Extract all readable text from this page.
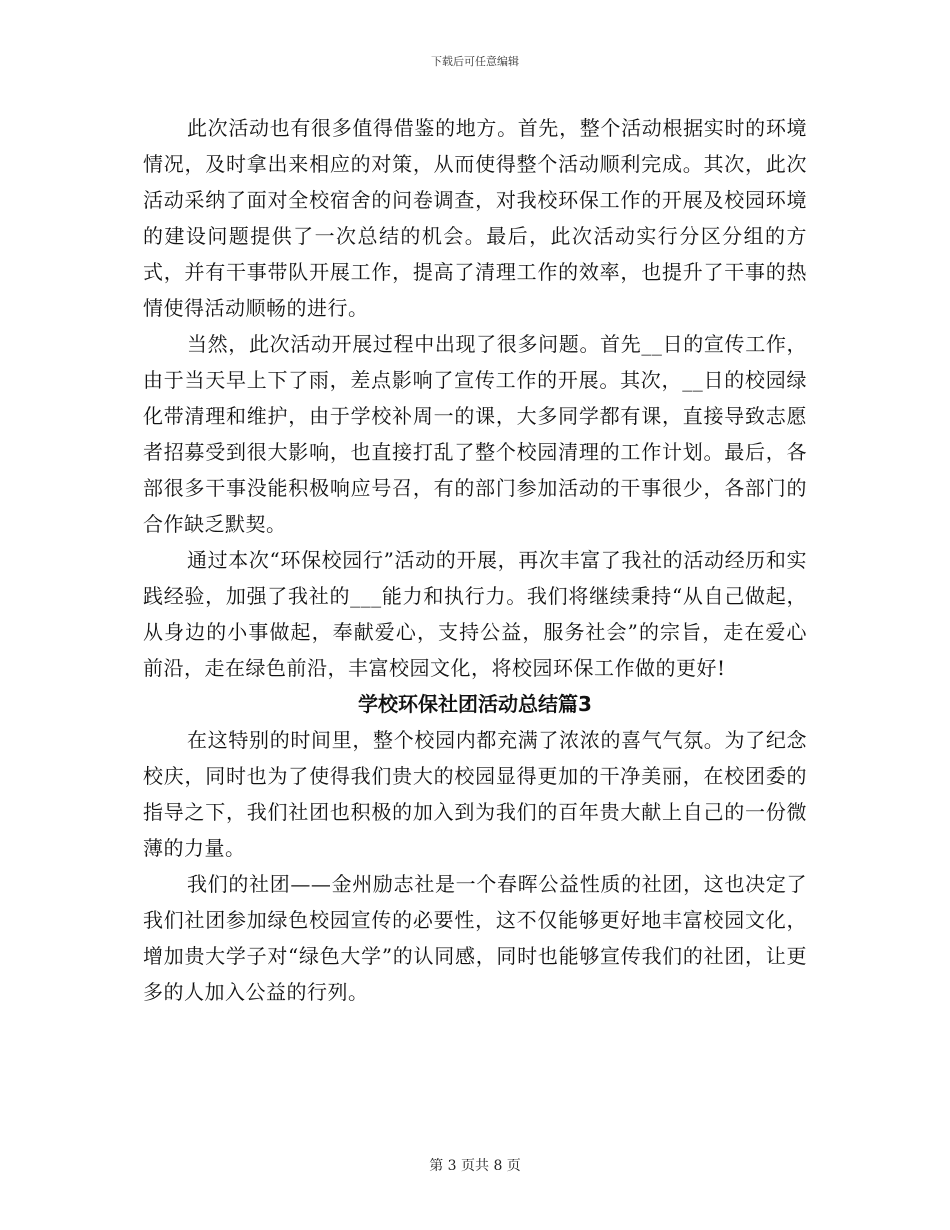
下载后可任意编辑

此次活动也有很多值得借鉴的地方。首先，整个活动根据实时的环境情况，及时拿出来相应的对策，从而使得整个活动顺利完成。其次，此次活动采纳了面对全校宿舍的问卷调查，对我校环保工作的开展及校园环境的建设问题提供了一次总结的机会。最后，此次活动实行分区分组的方式，并有干事带队开展工作，提高了清理工作的效率，也提升了干事的热情使得活动顺畅的进行。

当然，此次活动开展过程中出现了很多问题。首先__日的宣传工作，由于当天早上下了雨，差点影响了宣传工作的开展。其次，__日的校园绿化带清理和维护，由于学校补周一的课，大多同学都有课，直接导致志愿者招募受到很大影响，也直接打乱了整个校园清理的工作计划。最后，各部很多干事没能积极响应号召，有的部门参加活动的干事很少，各部门的合作缺乏默契。

通过本次“环保校园行”活动的开展，再次丰富了我社的活动经历和实践经验，加强了我社的___能力和执行力。我们将继续秉持“从自己做起，从身边的小事做起，奉献爱心，支持公益，服务社会”的宗旨，走在爱心前沿，走在绿色前沿，丰富校园文化，将校园环保工作做的更好!

学校环保社团活动总结篇3

在这特别的时间里，整个校园内都充满了浓浓的喜气气氛。为了纪念校庆，同时也为了使得我们贵大的校园显得更加的干净美丽，在校团委的指导之下，我们社团也积极的加入到为我们的百年贵大献上自己的一份微薄的力量。

我们的社团——金州励志社是一个春晖公益性质的社团，这也决定了我们社团参加绿色校园宣传的必要性，这不仅能够更好地丰富校园文化，增加贵大学子对“绿色大学”的认同感，同时也能够宣传我们的社团，让更多的人加入公益的行列。

第 3 页共 8 页
